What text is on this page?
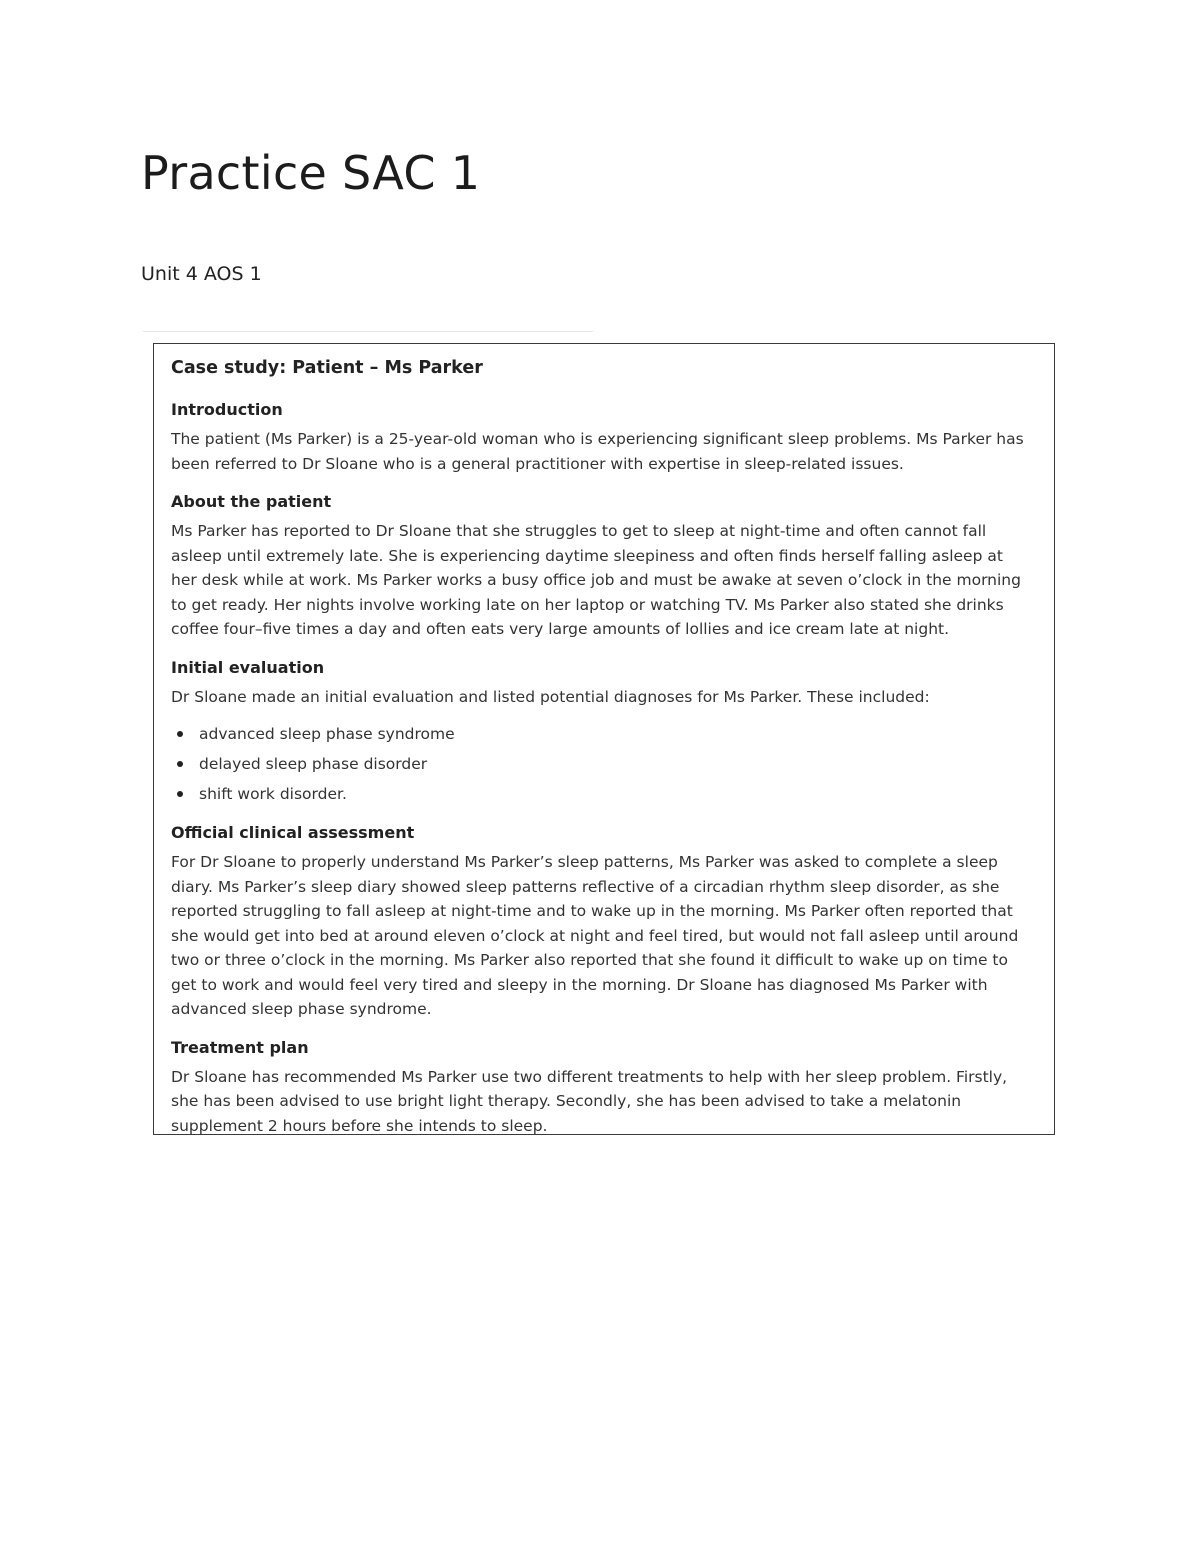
Practice SAC 1

Unit 4 AOS 1

Case study: Patient – Ms Parker

Introduction

The patient (Ms Parker) is a 25-year-old woman who is experiencing significant sleep problems. Ms Parker has been referred to Dr Sloane who is a general practitioner with expertise in sleep-related issues.

About the patient

Ms Parker has reported to Dr Sloane that she struggles to get to sleep at night-time and often cannot fall asleep until extremely late. She is experiencing daytime sleepiness and often finds herself falling asleep at her desk while at work. Ms Parker works a busy office job and must be awake at seven o’clock in the morning to get ready. Her nights involve working late on her laptop or watching TV. Ms Parker also stated she drinks coffee four–five times a day and often eats very large amounts of lollies and ice cream late at night.

Initial evaluation

Dr Sloane made an initial evaluation and listed potential diagnoses for Ms Parker. These included:

advanced sleep phase syndrome
delayed sleep phase disorder
shift work disorder.

Official clinical assessment

For Dr Sloane to properly understand Ms Parker’s sleep patterns, Ms Parker was asked to complete a sleep diary. Ms Parker’s sleep diary showed sleep patterns reflective of a circadian rhythm sleep disorder, as she reported struggling to fall asleep at night-time and to wake up in the morning. Ms Parker often reported that she would get into bed at around eleven o’clock at night and feel tired, but would not fall asleep until around two or three o’clock in the morning. Ms Parker also reported that she found it difficult to wake up on time to get to work and would feel very tired and sleepy in the morning. Dr Sloane has diagnosed Ms Parker with advanced sleep phase syndrome.

Treatment plan

Dr Sloane has recommended Ms Parker use two different treatments to help with her sleep problem. Firstly, she has been advised to use bright light therapy. Secondly, she has been advised to take a melatonin supplement 2 hours before she intends to sleep.
